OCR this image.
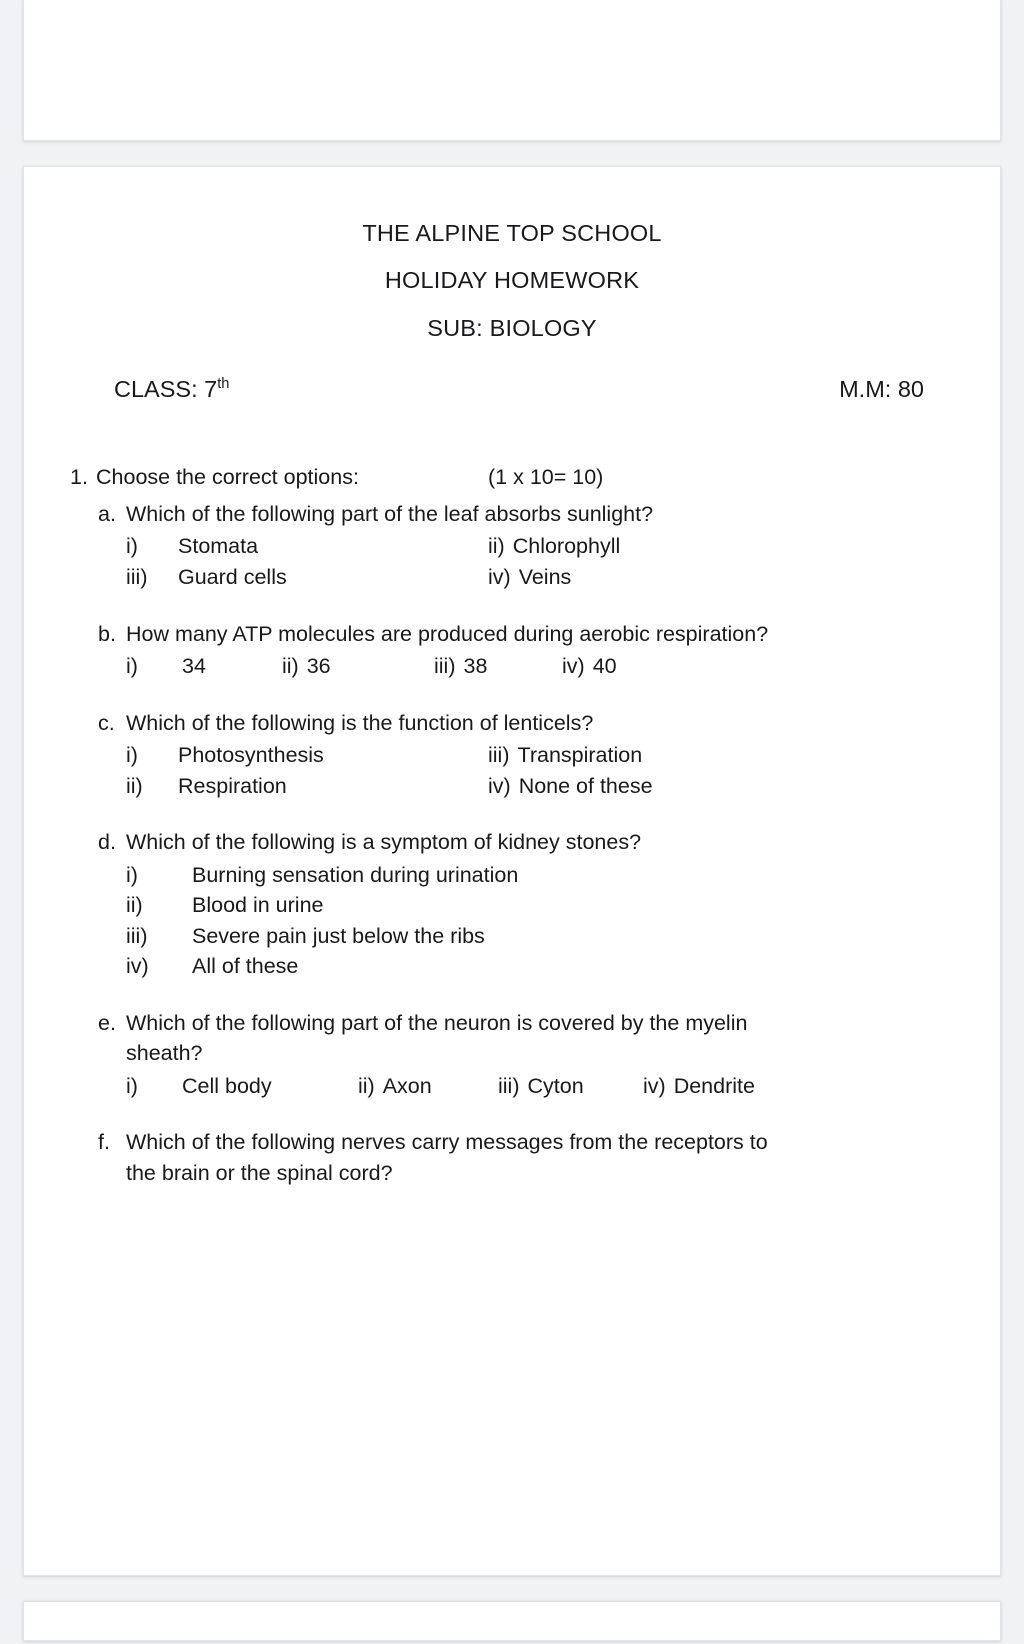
THE ALPINE TOP SCHOOL
HOLIDAY HOMEWORK
SUB: BIOLOGY
CLASS: 7th	M.M: 80
1. Choose the correct options:	(1 x 10= 10)
a. Which of the following part of the leaf absorbs sunlight?
i)	Stomata	ii) Chlorophyll
iii)	Guard cells	iv) Veins
b. How many ATP molecules are produced during aerobic respiration?
i)	34	ii) 36	iii) 38	iv) 40
c. Which of the following is the function of lenticels?
i)	Photosynthesis	iii) Transpiration
ii)	Respiration	iv) None of these
d. Which of the following is a symptom of kidney stones?
i)	Burning sensation during urination
ii)	Blood in urine
iii)	Severe pain just below the ribs
iv)	All of these
e. Which of the following part of the neuron is covered by the myelin sheath?
i)	Cell body	ii) Axon	iii) Cyton	iv) Dendrite
f. Which of the following nerves carry messages from the receptors to the brain or the spinal cord?
